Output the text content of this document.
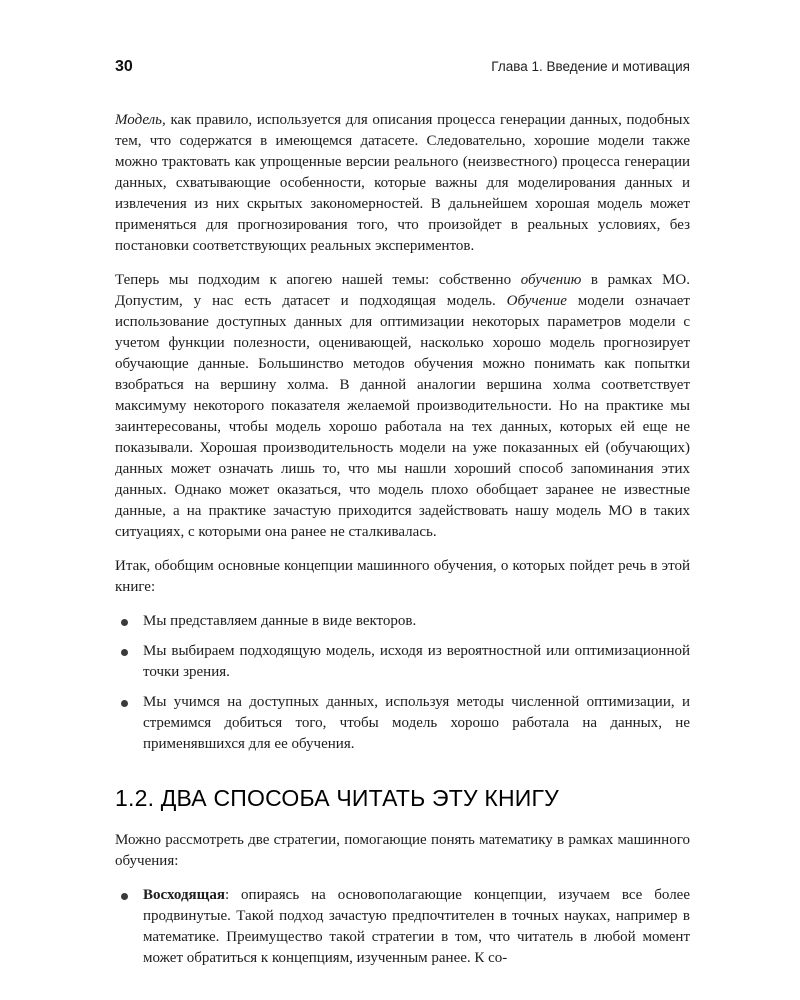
30	Глава 1. Введение и мотивация

Модель, как правило, используется для описания процесса генерации данных, подобных тем, что содержатся в имеющемся датасете. Следовательно, хорошие модели также можно трактовать как упрощенные версии реального (неизвестного) процесса генерации данных, схватывающие особенности, которые важны для моделирования данных и извлечения из них скрытых закономерностей. В дальнейшем хорошая модель может применяться для прогнозирования того, что произойдет в реальных условиях, без постановки соответствующих реальных экспериментов.

Теперь мы подходим к апогею нашей темы: собственно обучению в рамках МО. Допустим, у нас есть датасет и подходящая модель. Обучение модели означает использование доступных данных для оптимизации некоторых параметров модели с учетом функции полезности, оценивающей, насколько хорошо модель прогнозирует обучающие данные. Большинство методов обучения можно понимать как попытки взобраться на вершину холма. В данной аналогии вершина холма соответствует максимуму некоторого показателя желаемой производительности. Но на практике мы заинтересованы, чтобы модель хорошо работала на тех данных, которых ей еще не показывали. Хорошая производительность модели на уже показанных ей (обучающих) данных может означать лишь то, что мы нашли хороший способ запоминания этих данных. Однако может оказаться, что модель плохо обобщает заранее не известные данные, а на практике зачастую приходится задействовать нашу модель МО в таких ситуациях, с которыми она ранее не сталкивалась.

Итак, обобщим основные концепции машинного обучения, о которых пойдет речь в этой книге:

Мы представляем данные в виде векторов.
Мы выбираем подходящую модель, исходя из вероятностной или оптимизационной точки зрения.
Мы учимся на доступных данных, используя методы численной оптимизации, и стремимся добиться того, чтобы модель хорошо работала на данных, не применявшихся для ее обучения.
1.2. ДВА СПОСОБА ЧИТАТЬ ЭТУ КНИГУ

Можно рассмотреть две стратегии, помогающие понять математику в рамках машинного обучения:

Восходящая: опираясь на основополагающие концепции, изучаем все более продвинутые. Такой подход зачастую предпочтителен в точных науках, например в математике. Преимущество такой стратегии в том, что читатель в любой момент может обратиться к концепциям, изученным ранее. К со-
